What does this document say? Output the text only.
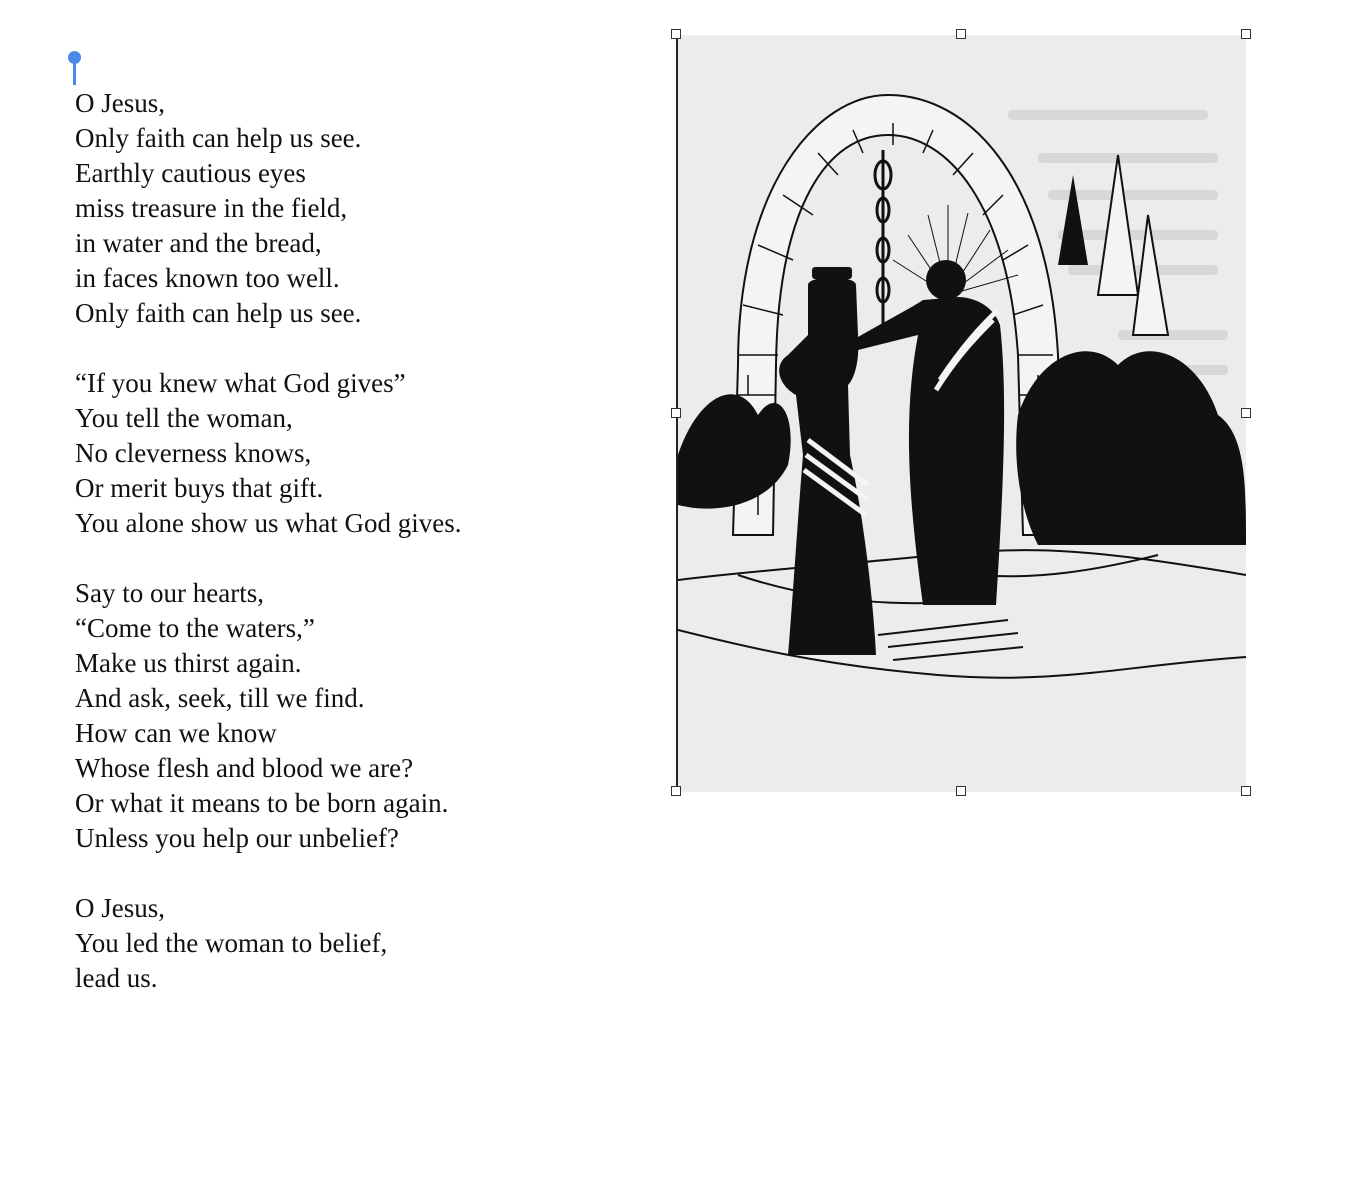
O Jesus,
Only faith can help us see.
Earthly cautious eyes
miss treasure in the field,
in water and the bread,
in faces known too well.
Only faith can help us see.
“If you knew what God gives”
You tell the woman,
No cleverness knows,
Or merit buys that gift.
You alone show us what God gives.
Say to our hearts,
“Come to the waters,”
Make us thirst again.
And ask, seek, till we find.
How can we know
Whose flesh and blood we are?
Or what it means to be born again.
Unless you help our unbelief?
O Jesus,
You led the woman to belief,
lead us.
